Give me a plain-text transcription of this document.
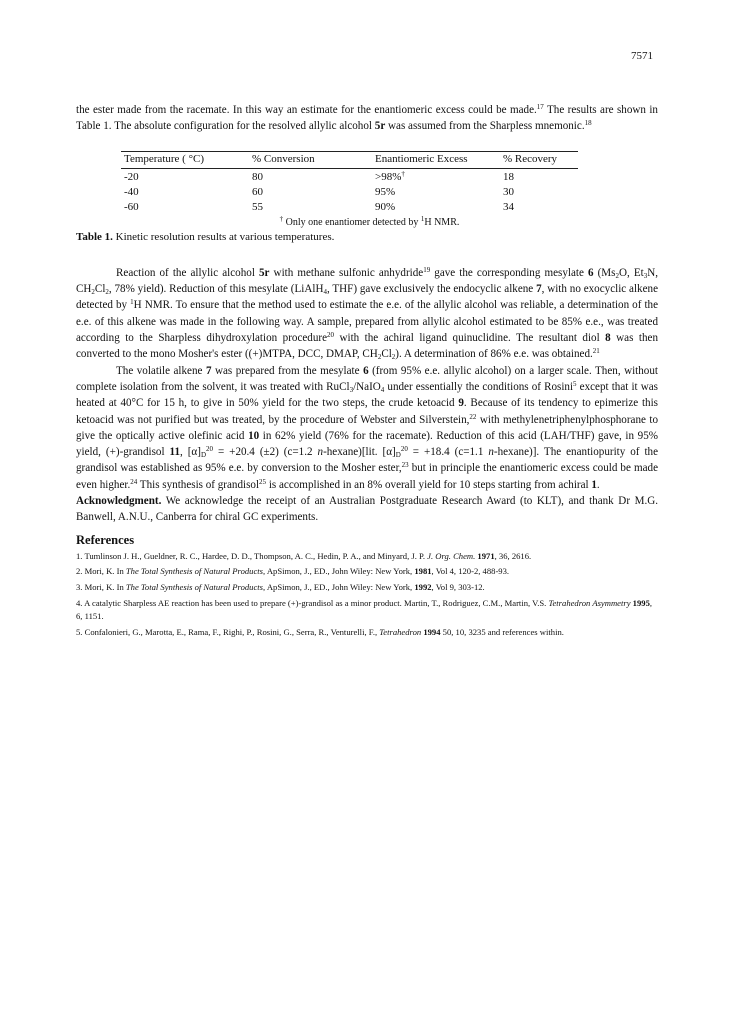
7571

the ester made from the racemate. In this way an estimate for the enantiomeric excess could be made.$^{17}$ The results are shown in Table 1. The absolute configuration for the resolved allylic alcohol 5r was assumed from the Sharpless mnemonic.$^{18}$

Temperature ( °C)	% Conversion	Enantiomeric Excess	% Recovery
-20	80	>98%†	18
-40	60	95%	30
-60	55	90%	34
† Only one enantiomer detected by $^1$H NMR.

Table 1. Kinetic resolution results at various temperatures.

Reaction of the allylic alcohol 5r with methane sulfonic anhydride$^{19}$ gave the corresponding mesylate 6 ($Ms_2O$, $Et_3N$, $CH_2Cl_2$, 78% yield). Reduction of this mesylate (LiAlH$_4$, THF) gave exclusively the endocyclic alkene 7, with no exocyclic alkene detected by $^1$H NMR. To ensure that the method used to estimate the e.e. of the allylic alcohol was reliable, a determination of the e.e. of this alkene was made in the following way. A sample, prepared from allylic alcohol estimated to be 85% e.e., was treated according to the Sharpless dihydroxylation procedure$^{20}$ with the achiral ligand quinuclidine. The resultant diol 8 was then converted to the mono Mosher's ester ((+)MTPA, DCC, DMAP, $CH_2Cl_2$). A determination of 86% e.e. was obtained.$^{21}$

The volatile alkene 7 was prepared from the mesylate 6 (from 95% e.e. allylic alcohol) on a larger scale. Then, without complete isolation from the solvent, it was treated with RuCl$_3$/NaIO$_4$ under essentially the conditions of Rosini$^5$ except that it was heated at 40°C for 15 h, to give in 50% yield for the two steps, the crude ketoacid 9. Because of its tendency to epimerize this ketoacid was not purified but was treated, by the procedure of Webster and Silverstein,$^{22}$ with methylenetriphenylphosphorane to give the optically active olefinic acid 10 in 62% yield (76% for the racemate). Reduction of this acid (LAH/THF) gave, in 95% yield, (+)-grandisol 11, $[\alpha]_D^{20} = +20.4$ (±2) (c=1.2 n-hexane)[lit. $[\alpha]_D^{20} = +18.4$ (c=1.1 n-hexane)]. The enantiopurity of the grandisol was established as 95% e.e. by conversion to the Mosher ester,$^{23}$ but in principle the enantiomeric excess could be made even higher.$^{24}$ This synthesis of grandisol$^{25}$ is accomplished in an 8% overall yield for 10 steps starting from achiral 1.

Acknowledgment. We acknowledge the receipt of an Australian Postgraduate Research Award (to KLT), and thank Dr M.G. Banwell, A.N.U., Canberra for chiral GC experiments.

References
1. Tumlinson J. H., Gueldner, R. C., Hardee, D. D., Thompson, A. C., Hedin, P. A., and Minyard, J. P. J. Org. Chem. 1971, 36, 2616.
2. Mori, K. In The Total Synthesis of Natural Products, ApSimon, J., ED., John Wiley: New York, 1981, Vol 4, 120-2, 488-93.
3. Mori, K. In The Total Synthesis of Natural Products, ApSimon, J., ED., John Wiley: New York, 1992, Vol 9, 303-12.
4. A catalytic Sharpless AE reaction has been used to prepare (+)-grandisol as a minor product. Martin, T., Rodriguez, C.M., Martin, V.S. Tetrahedron Asymmetry 1995, 6, 1151.
5. Confalonieri, G., Marotta, E., Rama, F., Righi, P., Rosini, G., Serra, R., Venturelli, F., Tetrahedron 1994 50, 10, 3235 and references within.
